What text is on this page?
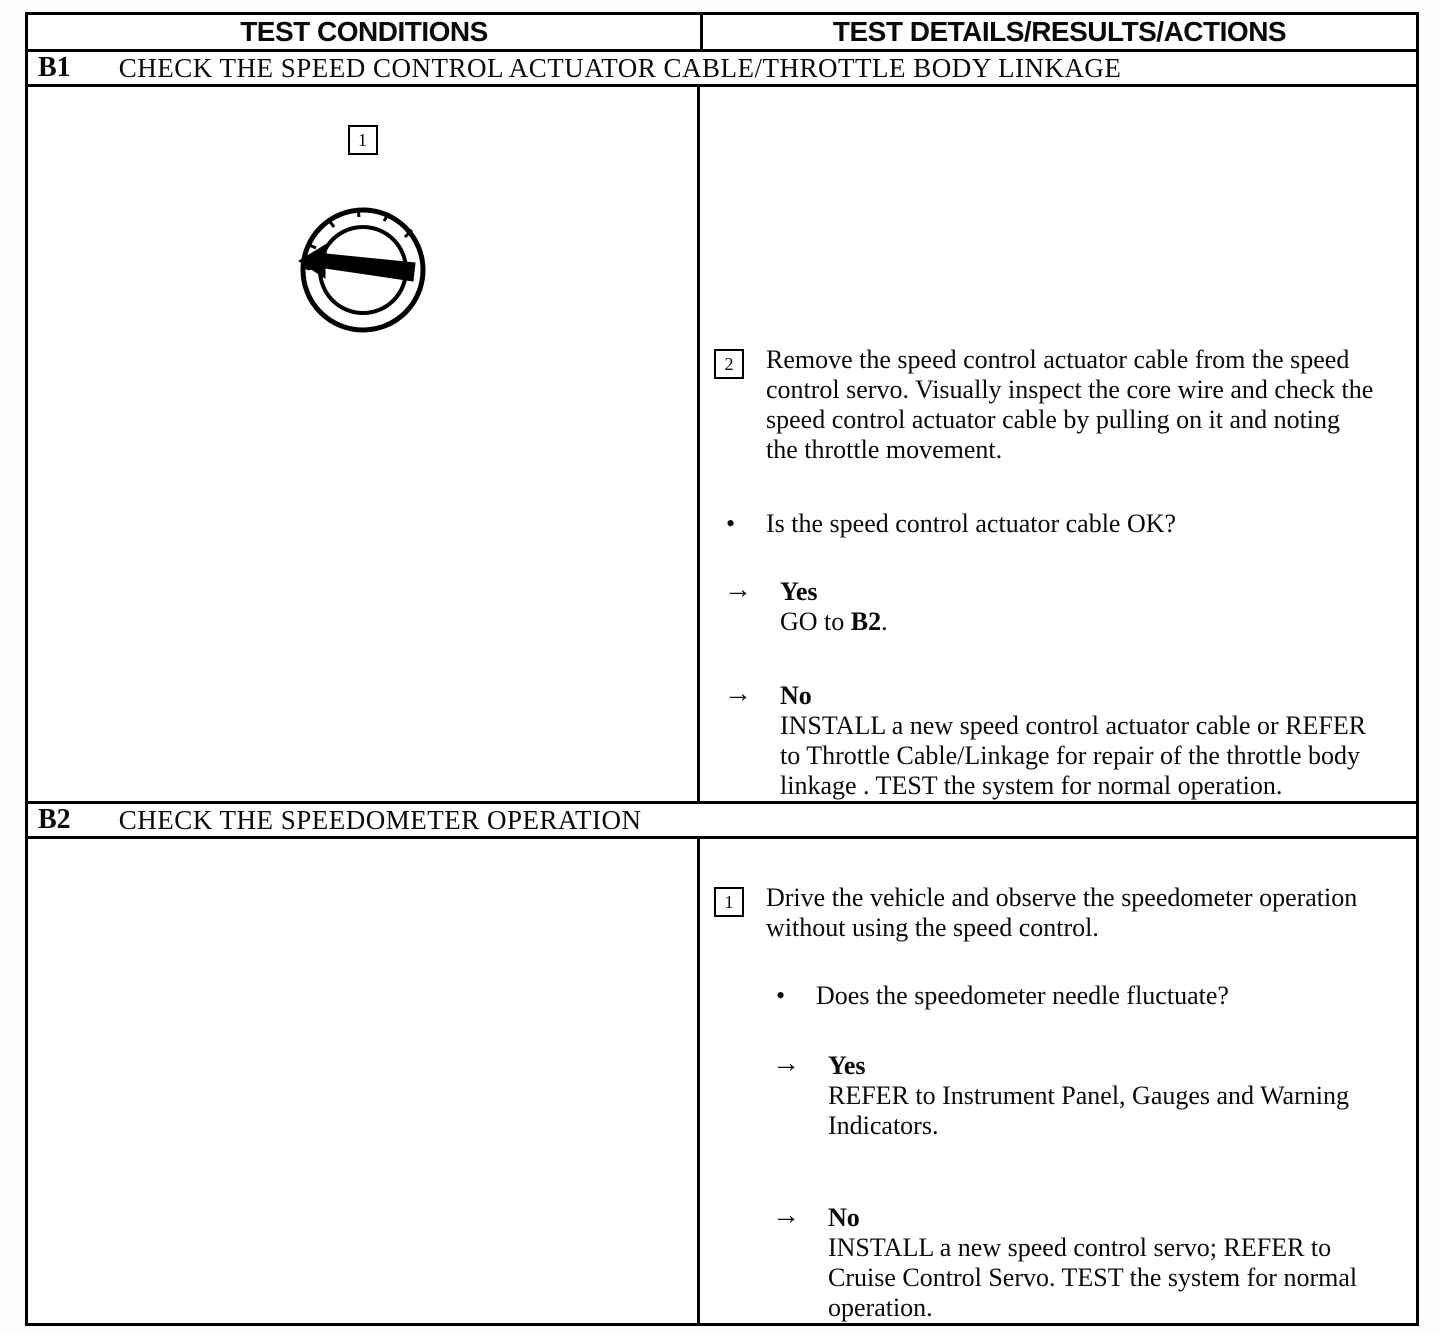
TEST CONDITIONS	TEST DETAILS/RESULTS/ACTIONS
B1 CHECK THE SPEED CONTROL ACTUATOR CABLE/THROTTLE BODY LINKAGE
1
2	Remove the speed control actuator cable from the speed control servo. Visually inspect the core wire and check the speed control actuator cable by pulling on it and noting the throttle movement.
•	Is the speed control actuator cable OK?
→	Yes
GO to B2.
→	No
INSTALL a new speed control actuator cable or REFER to Throttle Cable/Linkage for repair of the throttle body linkage . TEST the system for normal operation.
B2 CHECK THE SPEEDOMETER OPERATION
1	Drive the vehicle and observe the speedometer operation without using the speed control.
•	Does the speedometer needle fluctuate?
→	Yes
REFER to Instrument Panel, Gauges and Warning Indicators.
→	No
INSTALL a new speed control servo; REFER to Cruise Control Servo. TEST the system for normal operation.
